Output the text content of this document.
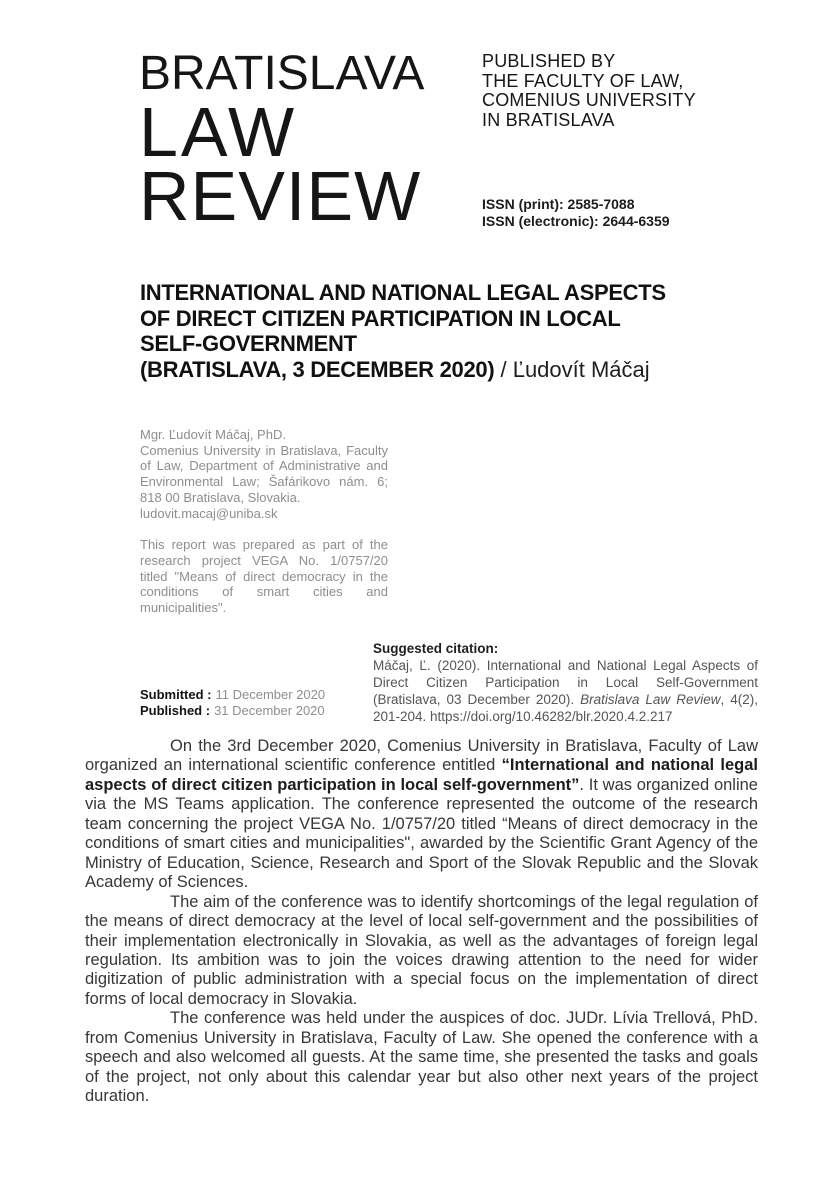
BRATISLAVA
LAW
REVIEW
PUBLISHED BY
THE FACULTY OF LAW,
COMENIUS UNIVERSITY
IN BRATISLAVA
ISSN (print): 2585-7088
ISSN (electronic): 2644-6359
INTERNATIONAL AND NATIONAL LEGAL ASPECTS
OF DIRECT CITIZEN PARTICIPATION IN LOCAL
SELF-GOVERNMENT
(BRATISLAVA, 3 DECEMBER 2020) / Ľudovít Máčaj

Mgr. Ľudovít Máčaj, PhD.

Comenius University in Bratislava, Faculty of Law, Department of Administrative and Environmental Law; Šafárikovo nám. 6; 818 00 Bratislava, Slovakia.

ludovit.macaj@uniba.sk

This report was prepared as part of the research project VEGA No. 1/0757/20 titled "Means of direct democracy in the conditions of smart cities and municipalities".

Submitted : 11 December 2020
Published : 31 December 2020

Suggested citation:

Máčaj, Ľ. (2020). International and National Legal Aspects of Direct Citizen Participation in Local Self-Government (Bratislava, 03 December 2020). Bratislava Law Review, 4(2), 201-204. https://doi.org/10.46282/blr.2020.4.2.217

On the 3rd December 2020, Comenius University in Bratislava, Faculty of Law organized an international scientific conference entitled “International and national legal aspects of direct citizen participation in local self-government”. It was organized online via the MS Teams application. The conference represented the outcome of the research team concerning the project VEGA No. 1/0757/20 titled “Means of direct democracy in the conditions of smart cities and municipalities", awarded by the Scientific Grant Agency of the Ministry of Education, Science, Research and Sport of the Slovak Republic and the Slovak Academy of Sciences.

The aim of the conference was to identify shortcomings of the legal regulation of the means of direct democracy at the level of local self-government and the possibilities of their implementation electronically in Slovakia, as well as the advantages of foreign legal regulation. Its ambition was to join the voices drawing attention to the need for wider digitization of public administration with a special focus on the implementation of direct forms of local democracy in Slovakia.

The conference was held under the auspices of doc. JUDr. Lívia Trellová, PhD. from Comenius University in Bratislava, Faculty of Law. She opened the conference with a speech and also welcomed all guests. At the same time, she presented the tasks and goals of the project, not only about this calendar year but also other next years of the project duration.
